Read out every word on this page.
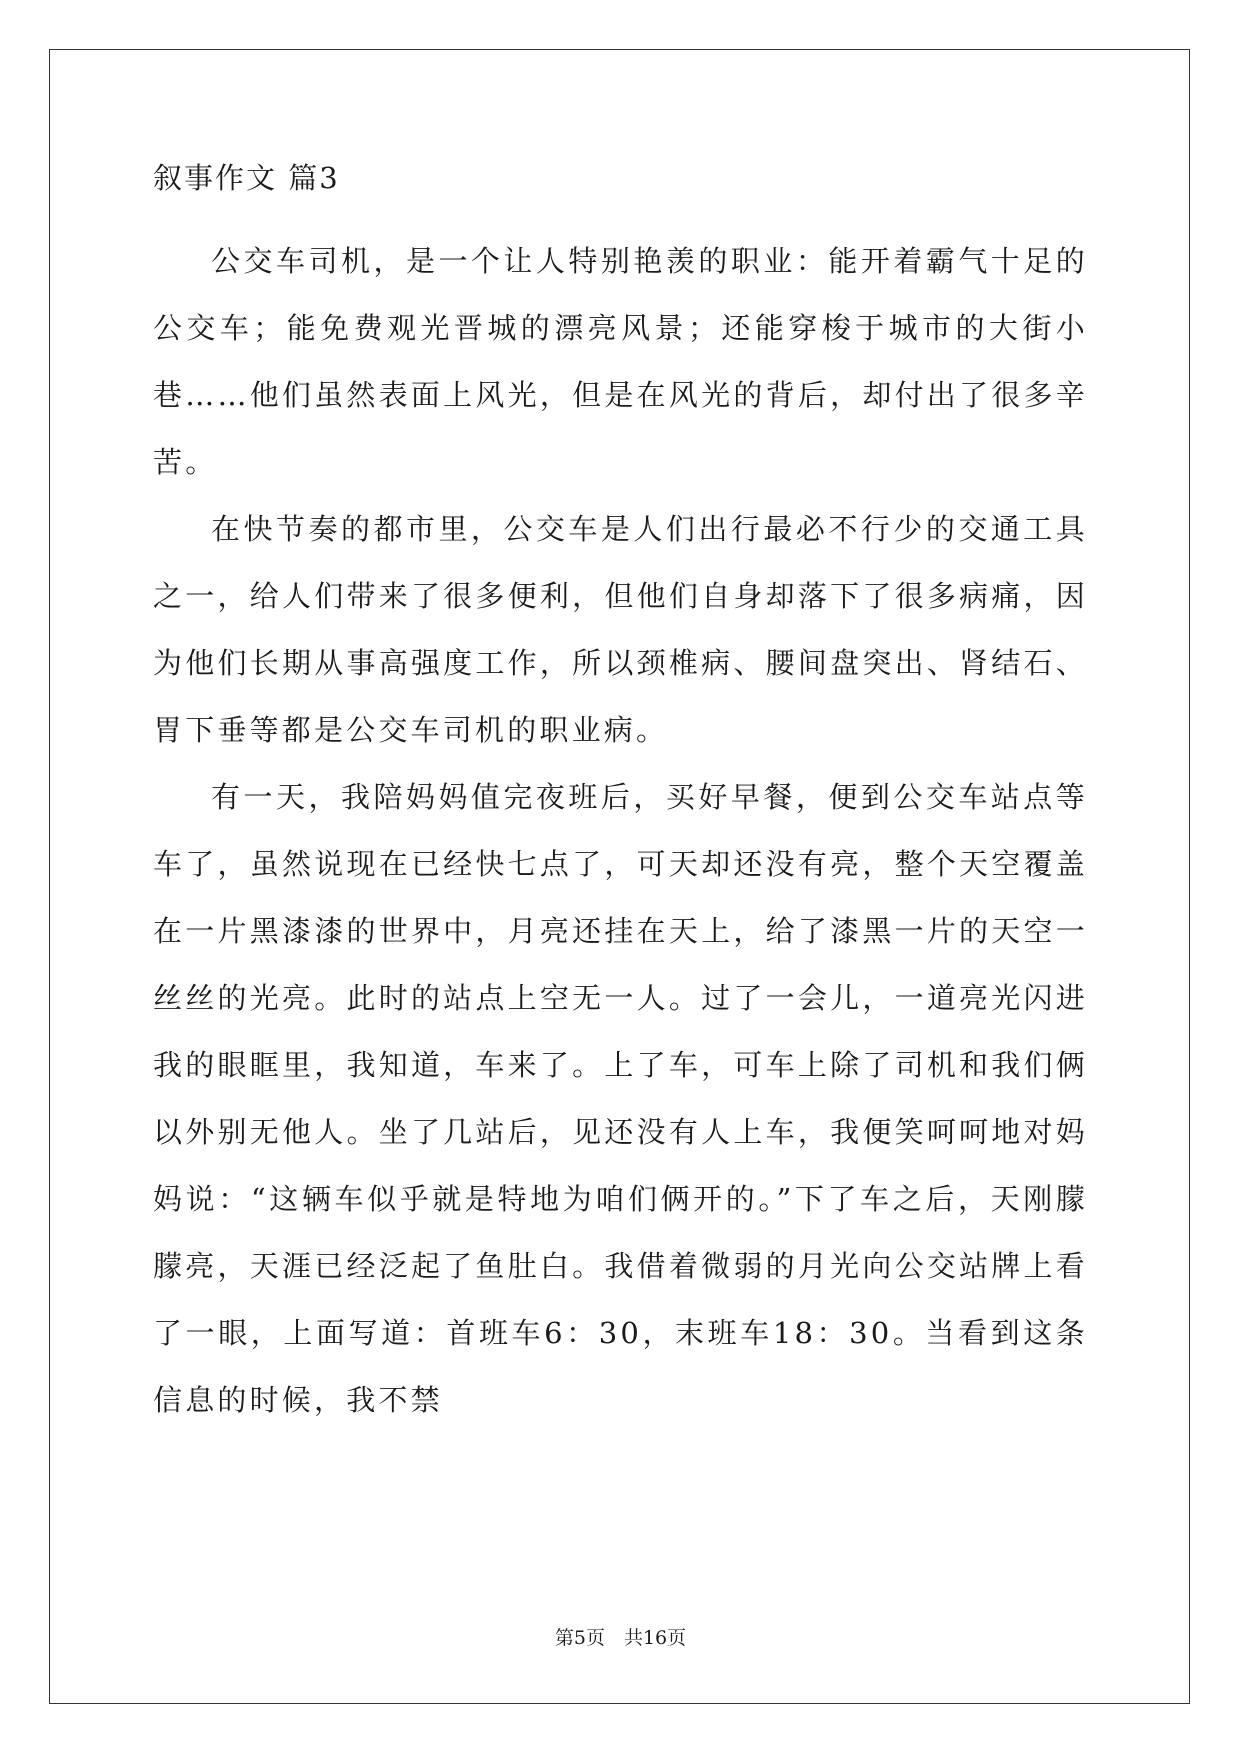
叙事作文 篇3

公交车司机，是一个让人特别艳羡的职业：能开着霸气十足的公交车；能免费观光晋城的漂亮风景；还能穿梭于城市的大街小巷……他们虽然表面上风光，但是在风光的背后，却付出了很多辛苦。

在快节奏的都市里，公交车是人们出行最必不行少的交通工具之一，给人们带来了很多便利，但他们自身却落下了很多病痛，因为他们长期从事高强度工作，所以颈椎病、腰间盘突出、肾结石、胃下垂等都是公交车司机的职业病。

有一天，我陪妈妈值完夜班后，买好早餐，便到公交车站点等车了，虽然说现在已经快七点了，可天却还没有亮，整个天空覆盖在一片黑漆漆的世界中，月亮还挂在天上，给了漆黑一片的天空一丝丝的光亮。此时的站点上空无一人。过了一会儿，一道亮光闪进我的眼眶里，我知道，车来了。上了车，可车上除了司机和我们俩以外别无他人。坐了几站后，见还没有人上车，我便笑呵呵地对妈妈说：“这辆车似乎就是特地为咱们俩开的。”下了车之后，天刚朦朦亮，天涯已经泛起了鱼肚白。我借着微弱的月光向公交站牌上看了一眼，上面写道：首班车6：30，末班车18：30。当看到这条信息的时候，我不禁

第5页　共16页
